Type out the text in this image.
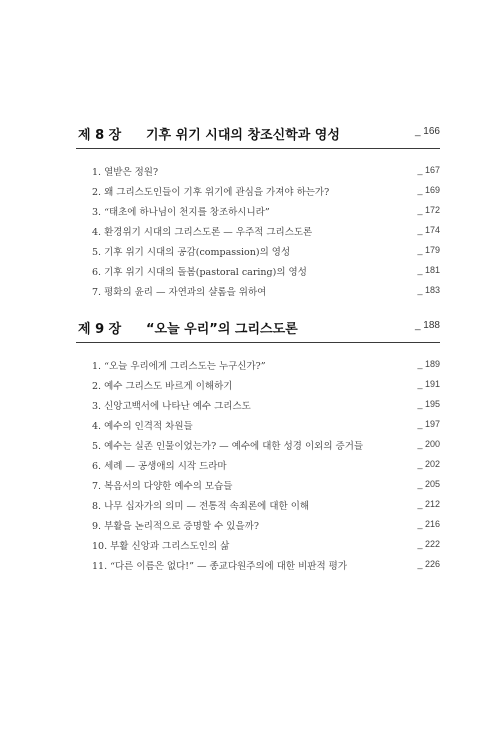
제 8 장 기후 위기 시대의 창조신학과 영성	_ 166
1. 열받은 정원?	_ 167
2. 왜 그리스도인들이 기후 위기에 관심을 가져야 하는가?	_ 169
3. “태초에 하나님이 천지를 창조하시니라”	_ 172
4. 환경위기 시대의 그리스도론 — 우주적 그리스도론	_ 174
5. 기후 위기 시대의 공감(compassion)의 영성	_ 179
6. 기후 위기 시대의 돌봄(pastoral caring)의 영성	_ 181
7. 평화의 윤리 — 자연과의 샬롬을 위하여	_ 183
제 9 장 “오늘 우리”의 그리스도론	_ 188
1. “오늘 우리에게 그리스도는 누구신가?”	_ 189
2. 예수 그리스도 바르게 이해하기	_ 191
3. 신앙고백서에 나타난 예수 그리스도	_ 195
4. 예수의 인격적 차원들	_ 197
5. 예수는 실존 인물이었는가? — 예수에 대한 성경 이외의 증거들	_ 200
6. 세례 — 공생애의 시작 드라마	_ 202
7. 복음서의 다양한 예수의 모습들	_ 205
8. 나무 십자가의 의미 — 전통적 속죄론에 대한 이해	_ 212
9. 부활을 논리적으로 증명할 수 있을까?	_ 216
10. 부활 신앙과 그리스도인의 삶	_ 222
11. “다른 이름은 없다!” — 종교다원주의에 대한 비판적 평가	_ 226
